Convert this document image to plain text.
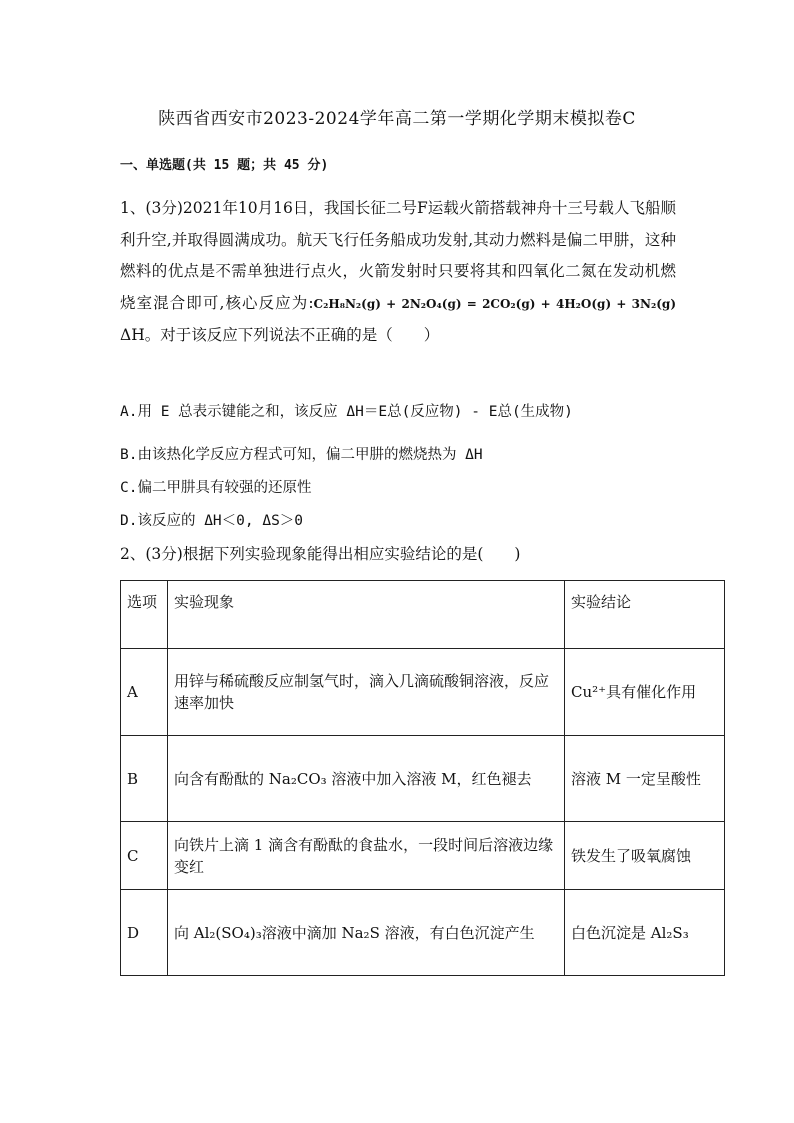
陕西省西安市2023-2024学年高二第一学期化学期末模拟卷C
一、单选题(共 15 题；共 45 分)
1、(3分)2021年10月16日，我国长征二号F运载火箭搭载神舟十三号载人飞船顺利升空,并取得圆满成功。航天飞行任务船成功发射,其动力燃料是偏二甲肼，这种燃料的优点是不需单独进行点火，火箭发射时只要将其和四氧化二氮在发动机燃烧室混合即可,核心反应为:C₂H₈N₂(g) + 2N₂O₄(g) = 2CO₂(g) + 4H₂O(g) + 3N₂(g) ΔH。对于该反应下列说法不正确的是（　　）
A.用 E 总表示键能之和，该反应 ΔH＝E总(反应物) - E总(生成物)
B.由该热化学反应方程式可知，偏二甲肼的燃烧热为 ΔH
C.偏二甲肼具有较强的还原性
D.该反应的 ΔH＜0, ΔS＞0
2、(3分)根据下列实验现象能得出相应实验结论的是(　　)
选项	实验现象	实验结论
A	用锌与稀硫酸反应制氢气时，滴入几滴硫酸铜溶液，反应速率加快	Cu²⁺具有催化作用
B	向含有酚酞的 Na₂CO₃ 溶液中加入溶液 M，红色褪去	溶液 M 一定呈酸性
C	向铁片上滴 1 滴含有酚酞的食盐水，一段时间后溶液边缘变红	铁发生了吸氧腐蚀
D	向 Al₂(SO₄)₃溶液中滴加 Na₂S 溶液，有白色沉淀产生	白色沉淀是 Al₂S₃
